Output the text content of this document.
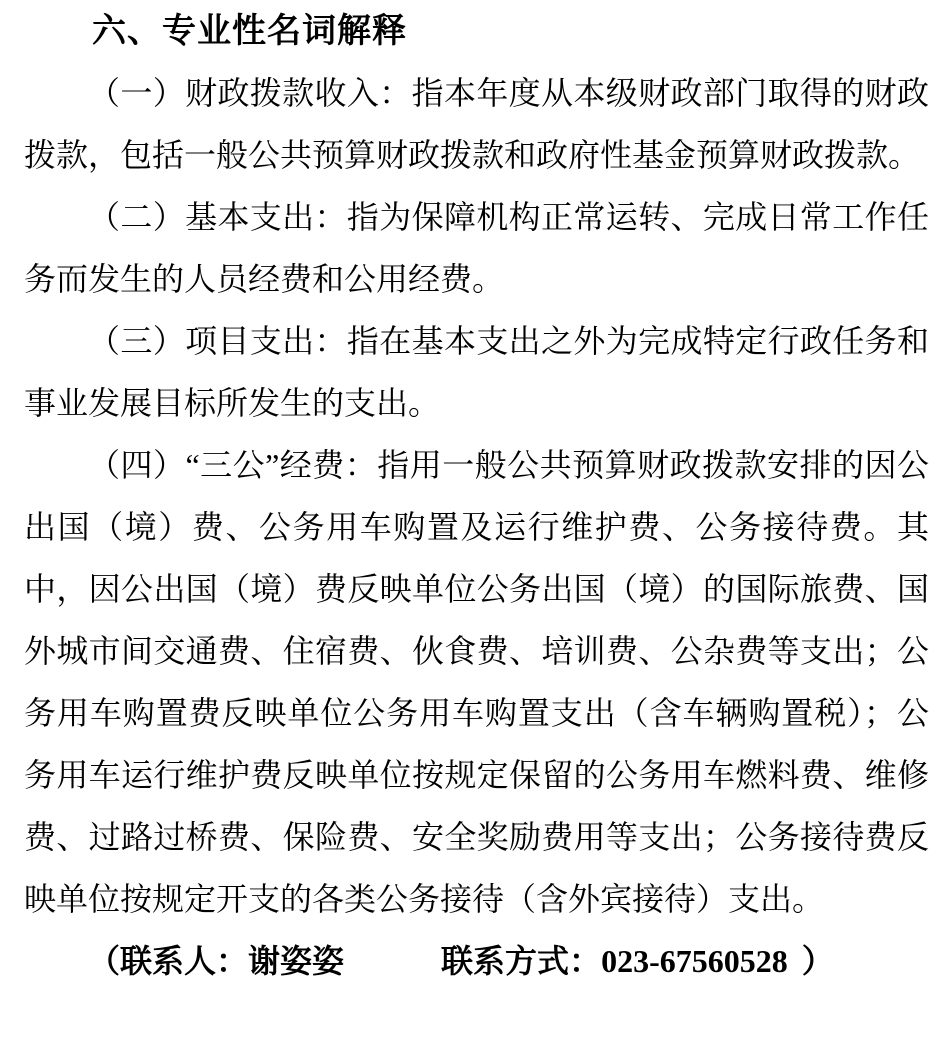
六、专业性名词解释

（一）财政拨款收入：指本年度从本级财政部门取得的财政拨款，包括一般公共预算财政拨款和政府性基金预算财政拨款。

（二）基本支出：指为保障机构正常运转、完成日常工作任务而发生的人员经费和公用经费。

（三）项目支出：指在基本支出之外为完成特定行政任务和事业发展目标所发生的支出。

（四）“三公”经费：指用一般公共预算财政拨款安排的因公出国（境）费、公务用车购置及运行维护费、公务接待费。其中，因公出国（境）费反映单位公务出国（境）的国际旅费、国外城市间交通费、住宿费、伙食费、培训费、公杂费等支出；公务用车购置费反映单位公务用车购置支出（含车辆购置税）；公务用车运行维护费反映单位按规定保留的公务用车燃料费、维修费、过路过桥费、保险费、安全奖励费用等支出；公务接待费反映单位按规定开支的各类公务接待（含外宾接待）支出。

（联系人：谢姿姿	联系方式：023-67560528 ）
